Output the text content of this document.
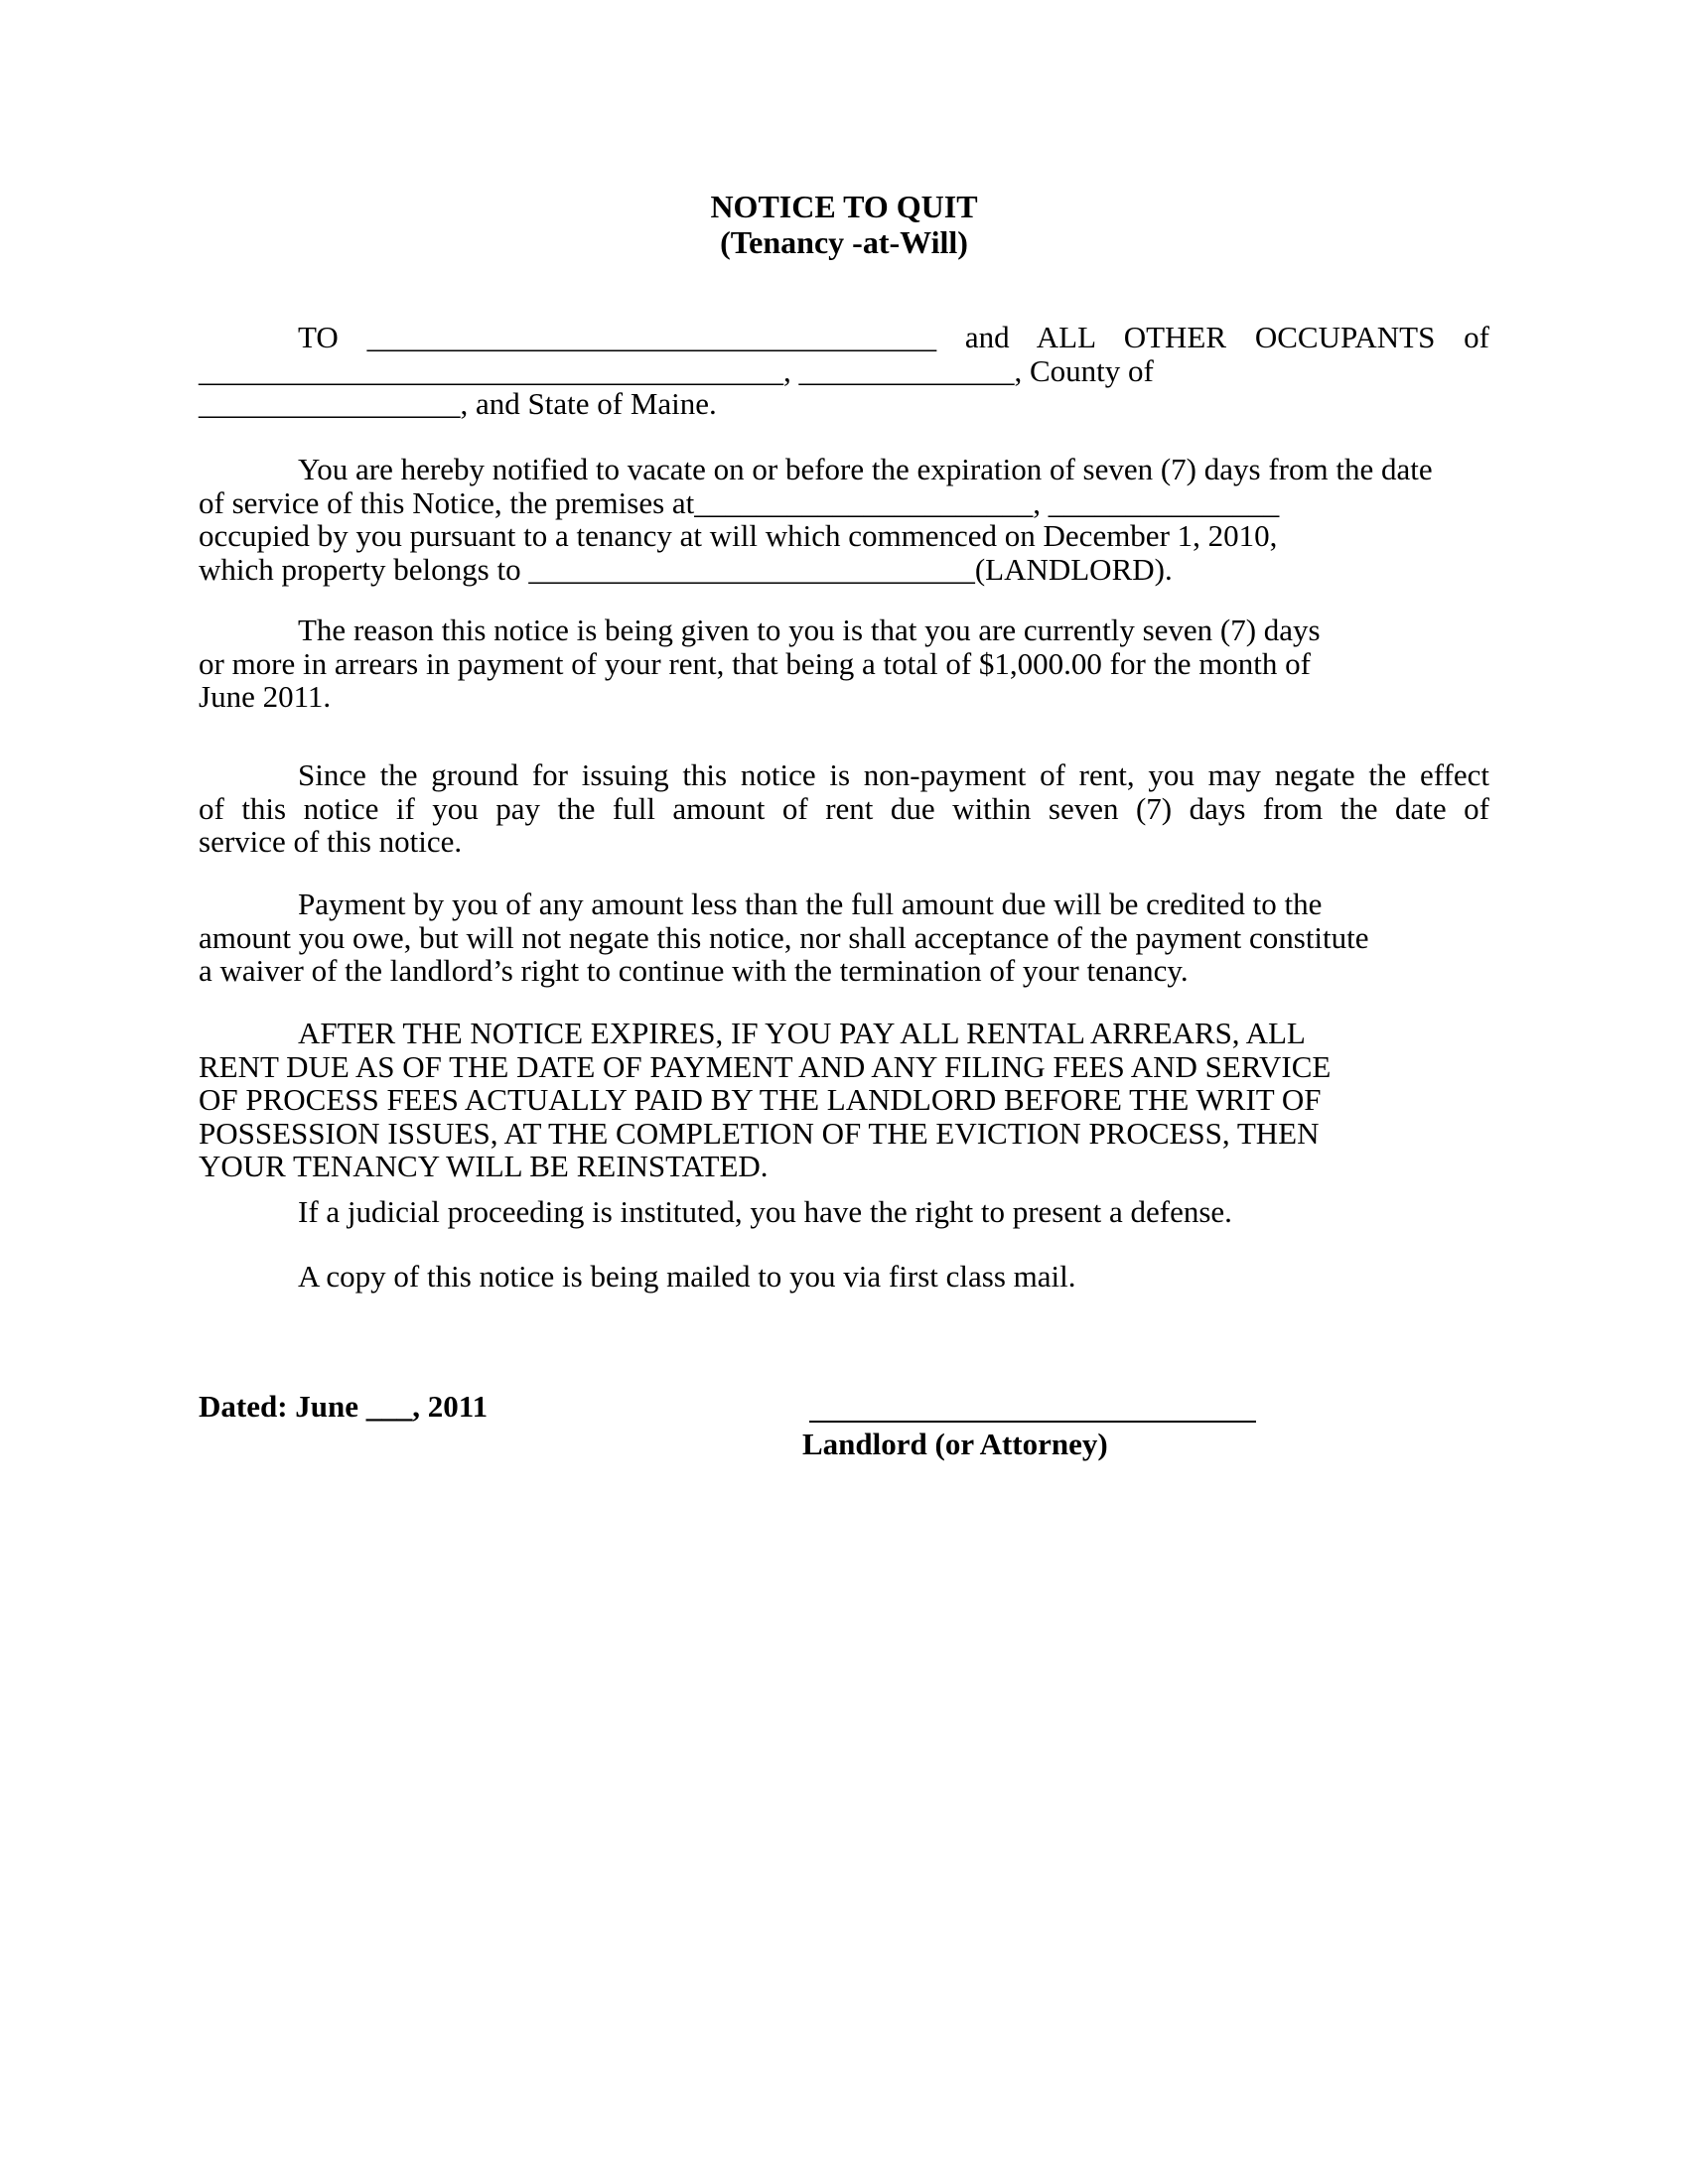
NOTICE TO QUIT
(Tenancy -at-Will)
TO _____________________________________ and ALL OTHER OCCUPANTS of
______________________________________, ______________, County of
_________________, and State of Maine.
You are hereby notified to vacate on or before the expiration of seven (7) days from the date
of service of this Notice, the premises at______________________, _______________
occupied by you pursuant to a tenancy at will which commenced on December 1, 2010,
which property belongs to _____________________________(LANDLORD).
The reason this notice is being given to you is that you are currently seven (7) days
or more in arrears in payment of your rent, that being a total of $1,000.00 for the month of
June 2011.
Since the ground for issuing this notice is non-payment of rent, you may negate the effect
of this notice if you pay the full amount of rent due within seven (7) days from the date of
service of this notice.
Payment by you of any amount less than the full amount due will be credited to the
amount you owe, but will not negate this notice, nor shall acceptance of the payment constitute
a waiver of the landlord’s right to continue with the termination of your tenancy.
AFTER THE NOTICE EXPIRES, IF YOU PAY ALL RENTAL ARREARS, ALL
RENT DUE AS OF THE DATE OF PAYMENT AND ANY FILING FEES AND SERVICE
OF PROCESS FEES ACTUALLY PAID BY THE LANDLORD BEFORE THE WRIT OF
POSSESSION ISSUES, AT THE COMPLETION OF THE EVICTION PROCESS, THEN
YOUR TENANCY WILL BE REINSTATED.
If a judicial proceeding is instituted, you have the right to present a defense.
A copy of this notice is being mailed to you via first class mail.
Dated: June ___, 2011
Landlord (or Attorney)
